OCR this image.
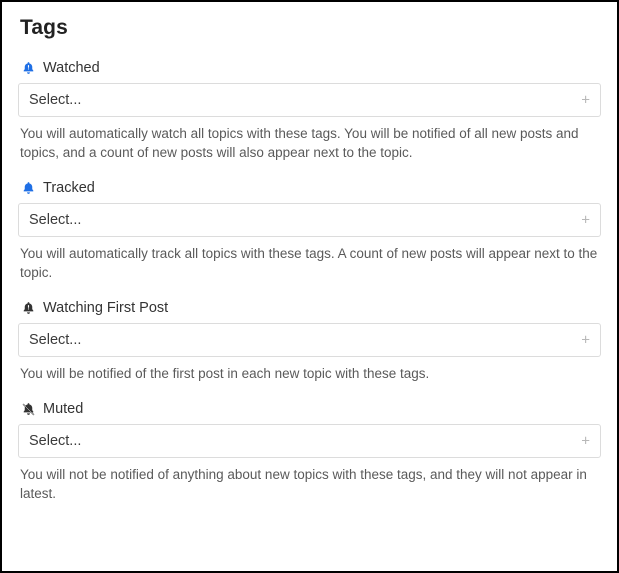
Tags
Watched
Select...	+
You will automatically watch all topics with these tags. You will be notified of all new posts and topics, and a count of new posts will also appear next to the topic.
Tracked
Select...	+
You will automatically track all topics with these tags. A count of new posts will appear next to the topic.
Watching First Post
Select...	+
You will be notified of the first post in each new topic with these tags.
Muted
Select...	+
You will not be notified of anything about new topics with these tags, and they will not appear in latest.
